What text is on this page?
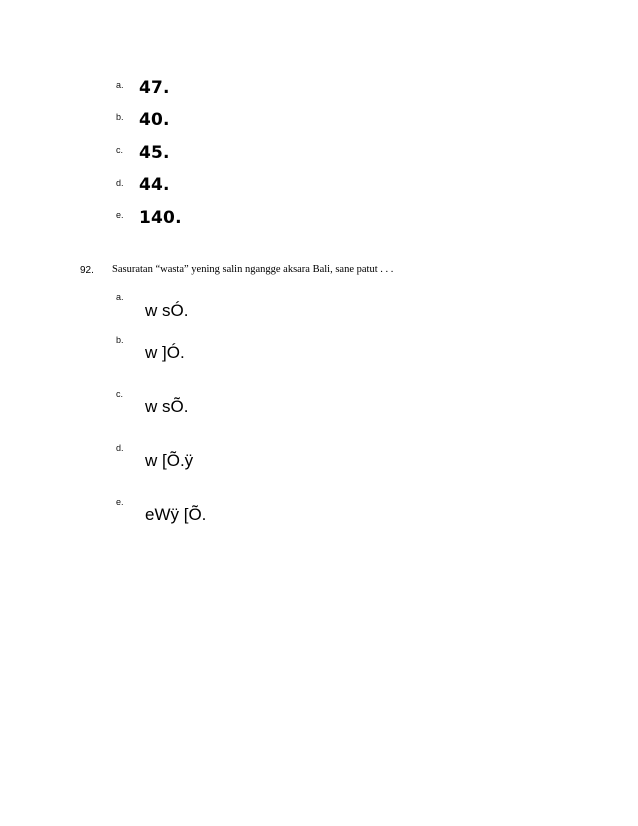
a. 47.
b. 40.
c. 45.
d. 44.
e. 140.
92. Sasuratan “wasta” yening salin ngangge aksara Bali, sane patut . . .
a.
w sÓ.
b.
w ]Ó.
c.
w sÕ.
d.
w [Õ.ÿ
e.
eWÿ [Õ.
